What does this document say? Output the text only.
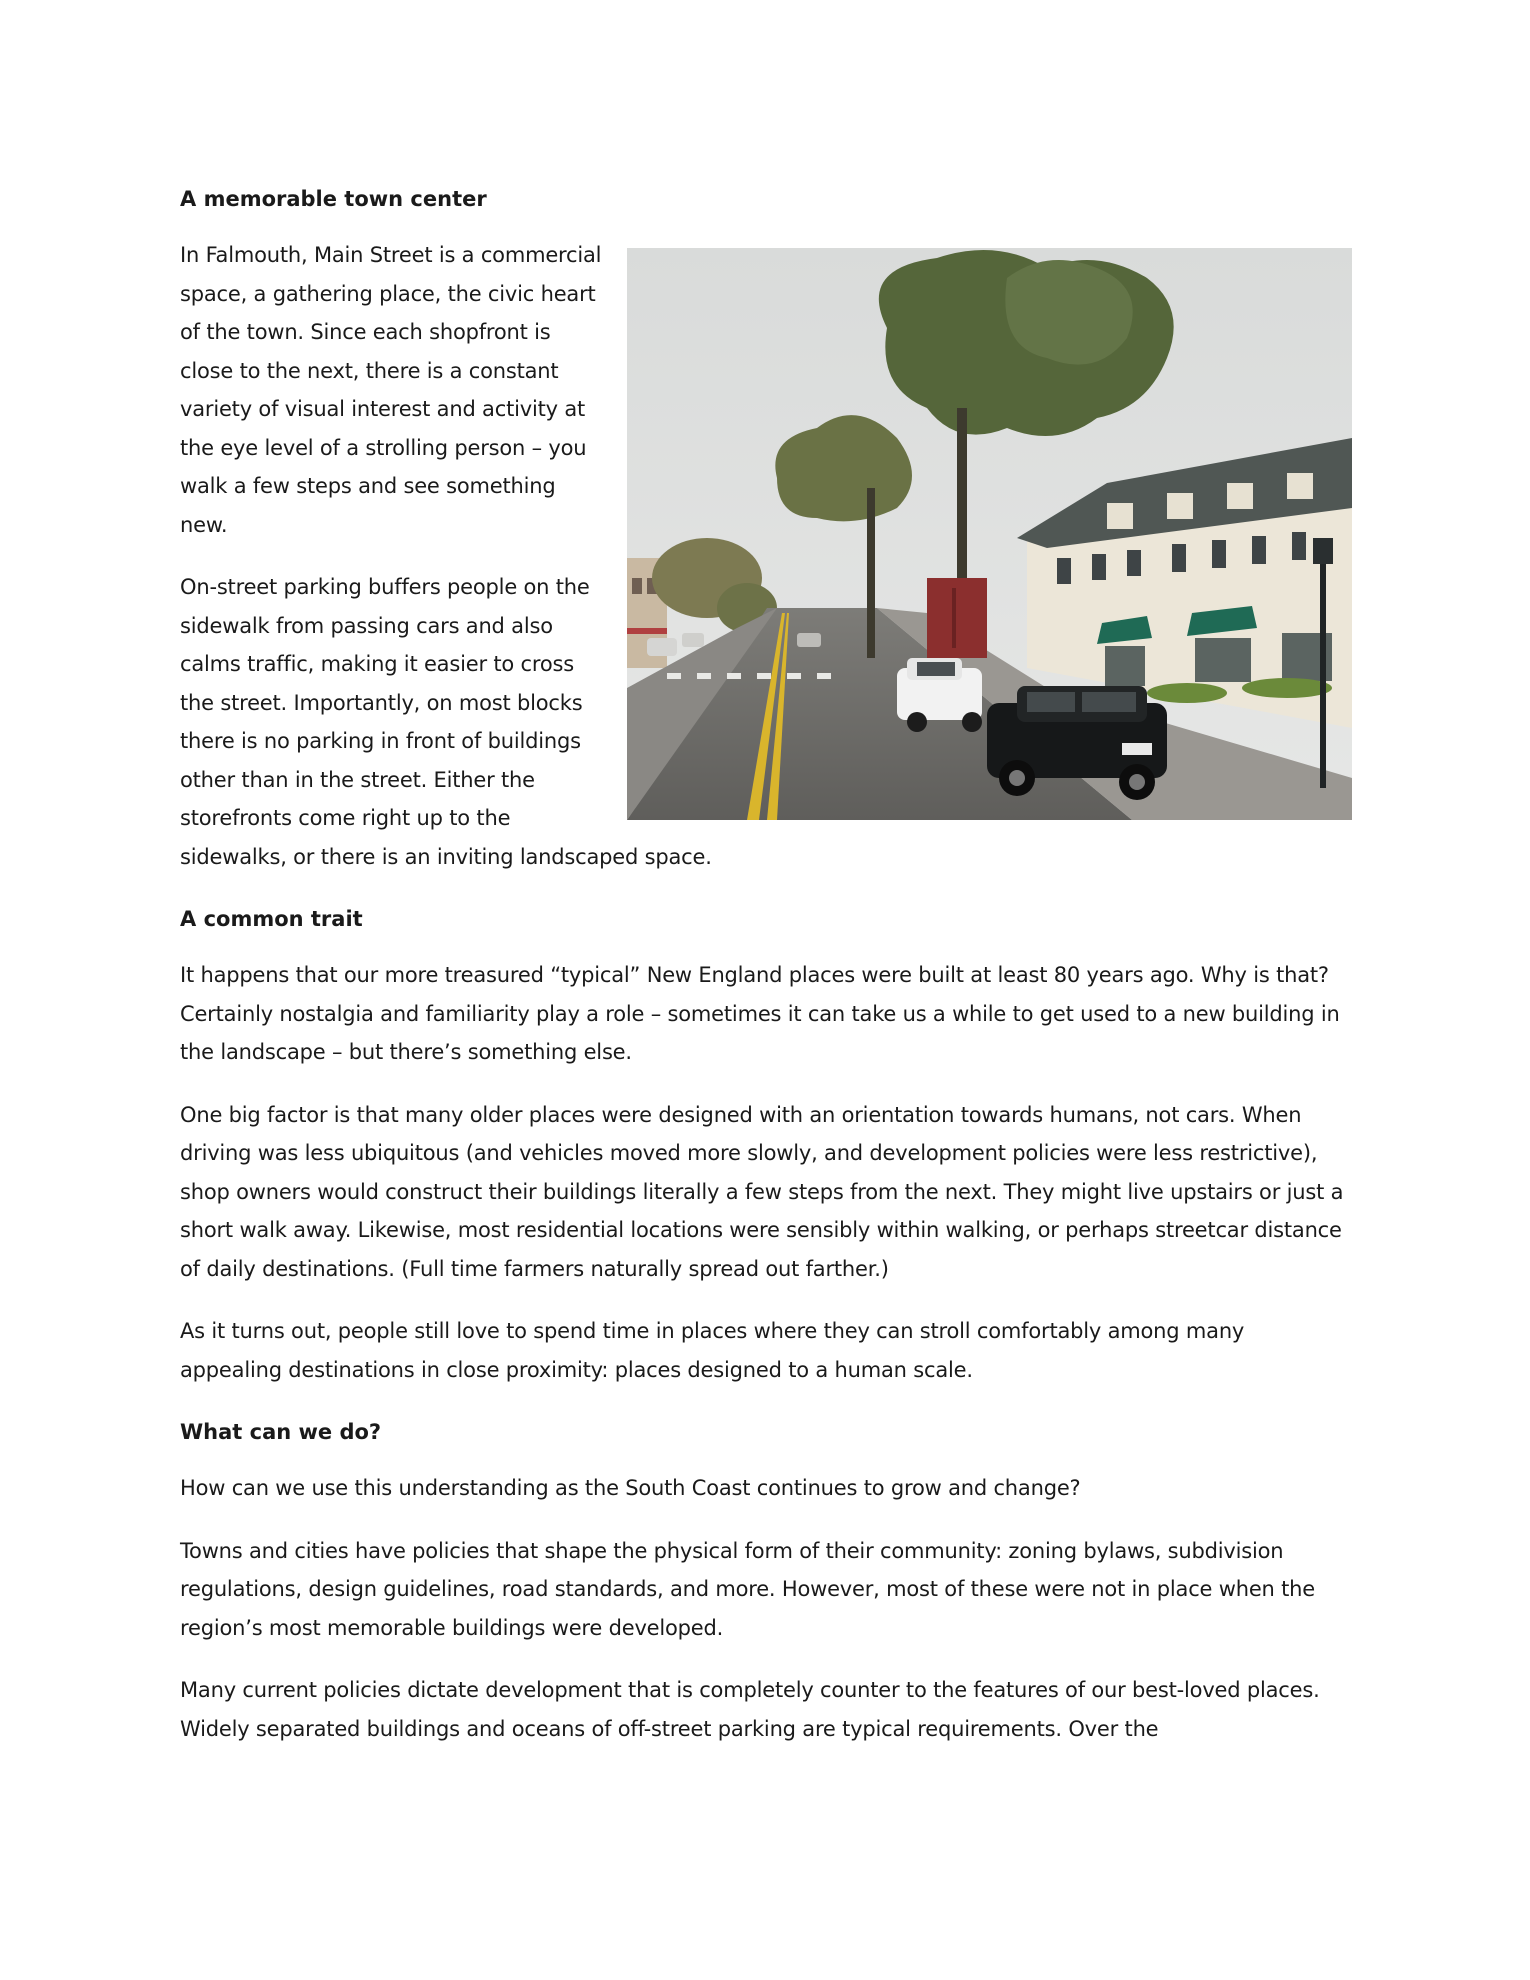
A memorable town center

In Falmouth, Main Street is a commercial space, a gathering place, the civic heart of the town. Since each shopfront is close to the next, there is a constant variety of visual interest and activity at the eye level of a strolling person – you walk a few steps and see something new.

On-street parking buffers people on the sidewalk from passing cars and also calms traffic, making it easier to cross the street. Importantly, on most blocks there is no parking in front of buildings other than in the street. Either the storefronts come right up to the sidewalks, or there is an inviting landscaped space.

A common trait

It happens that our more treasured “typical” New England places were built at least 80 years ago. Why is that? Certainly nostalgia and familiarity play a role – sometimes it can take us a while to get used to a new building in the landscape – but there’s something else.

One big factor is that many older places were designed with an orientation towards humans, not cars. When driving was less ubiquitous (and vehicles moved more slowly, and development policies were less restrictive), shop owners would construct their buildings literally a few steps from the next. They might live upstairs or just a short walk away. Likewise, most residential locations were sensibly within walking, or perhaps streetcar distance of daily destinations. (Full time farmers naturally spread out farther.)

As it turns out, people still love to spend time in places where they can stroll comfortably among many appealing destinations in close proximity: places designed to a human scale.

What can we do?

How can we use this understanding as the South Coast continues to grow and change?

Towns and cities have policies that shape the physical form of their community: zoning bylaws, subdivision regulations, design guidelines, road standards, and more. However, most of these were not in place when the region’s most memorable buildings were developed.

Many current policies dictate development that is completely counter to the features of our best-loved places. Widely separated buildings and oceans of off-street parking are typical requirements. Over the
